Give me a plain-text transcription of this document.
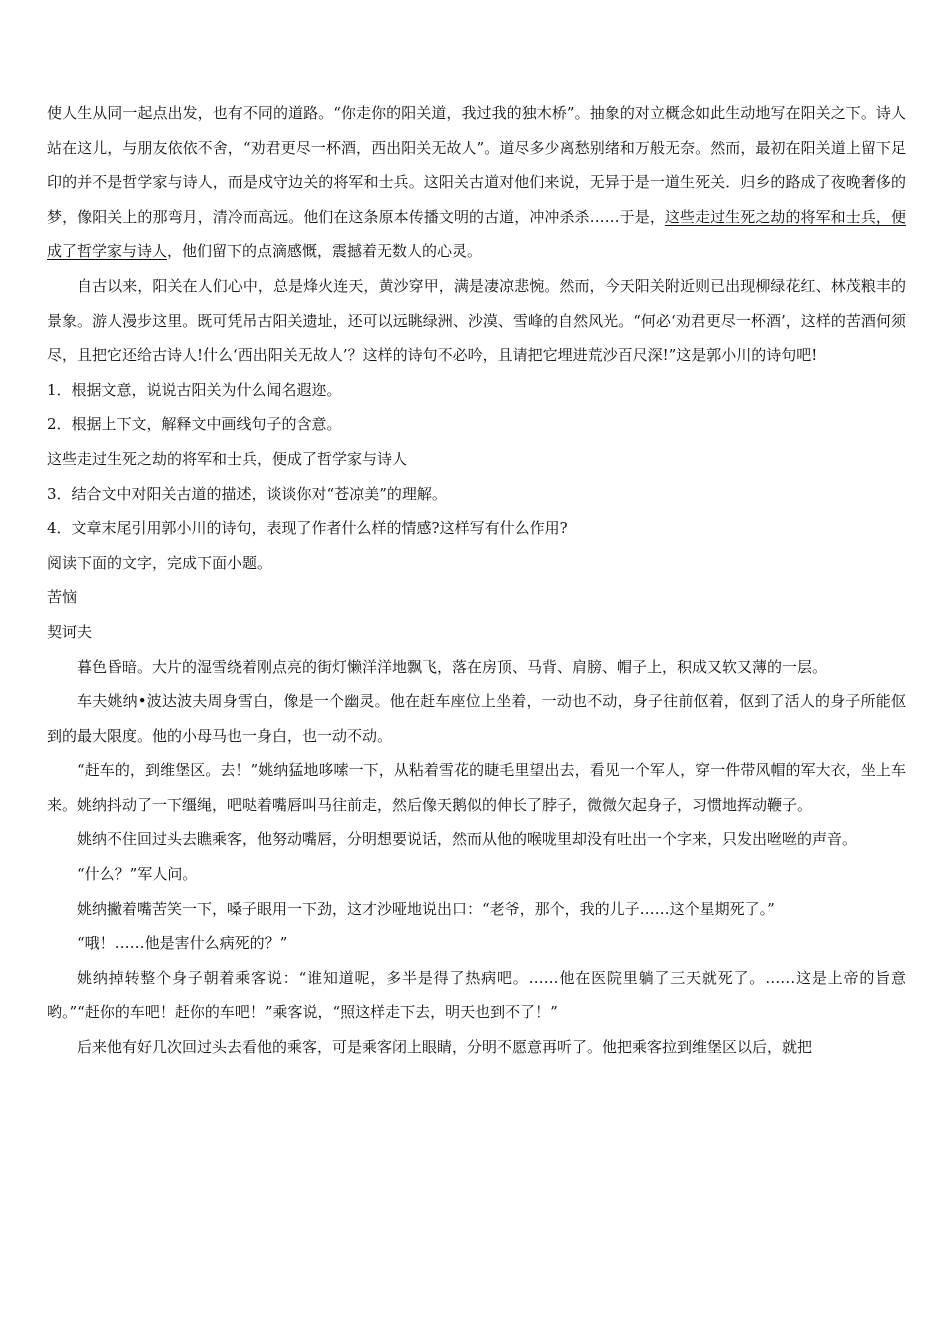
使人生从同一起点出发，也有不同的道路。“你走你的阳关道，我过我的独木桥”。抽象的对立概念如此生动地写在阳关之下。诗人站在这儿，与朋友依依不舍，“劝君更尽一杯酒，西出阳关无故人”。道尽多少离愁别绪和万般无奈。然而，最初在阳关道上留下足印的并不是哲学家与诗人，而是戍守边关的将军和士兵。这阳关古道对他们来说，无异于是一道生死关．归乡的路成了夜晚奢侈的梦，像阳关上的那弯月，清冷而高远。他们在这条原本传播文明的古道，冲冲杀杀……于是，这些走过生死之劫的将军和士兵，便成了哲学家与诗人，他们留下的点滴感慨，震撼着无数人的心灵。

自古以来，阳关在人们心中，总是烽火连天，黄沙穿甲，满是凄凉悲惋。然而，今天阳关附近则已出现柳绿花红、林茂粮丰的景象。游人漫步这里。既可凭吊古阳关遗址，还可以远眺绿洲、沙漠、雪峰的自然风光。“何必‘劝君更尽一杯酒’，这样的苦酒何须尽，且把它还给古诗人!什么‘西出阳关无故人’？这样的诗句不必吟，且请把它埋进荒沙百尺深!”这是郭小川的诗句吧!

1．根据文意，说说古阳关为什么闻名遐迩。

2．根据上下文，解释文中画线句子的含意。

这些走过生死之劫的将军和士兵，便成了哲学家与诗人

3．结合文中对阳关古道的描述，谈谈你对“苍凉美”的理解。

4．文章末尾引用郭小川的诗句，表现了作者什么样的情感?这样写有什么作用?

阅读下面的文字，完成下面小题。

苦恼

契诃夫

暮色昏暗。大片的湿雪绕着刚点亮的街灯懒洋洋地飘飞，落在房顶、马背、肩膀、帽子上，积成又软又薄的一层。

车夫姚纳•波达波夫周身雪白，像是一个幽灵。他在赶车座位上坐着，一动也不动，身子往前伛着，伛到了活人的身子所能伛到的最大限度。他的小母马也一身白，也一动不动。

“赶车的，到维堡区。去！”姚纳猛地哆嗦一下，从粘着雪花的睫毛里望出去，看见一个军人，穿一件带风帽的军大衣，坐上车来。姚纳抖动了一下缰绳，吧哒着嘴唇叫马往前走，然后像天鹅似的伸长了脖子，微微欠起身子，习惯地挥动鞭子。

姚纳不住回过头去瞧乘客，他努动嘴唇，分明想要说话，然而从他的喉咙里却没有吐出一个字来，只发出咝咝的声音。

“什么？”军人问。

姚纳撇着嘴苦笑一下，嗓子眼用一下劲，这才沙哑地说出口：“老爷，那个，我的儿子……这个星期死了。”

“哦！……他是害什么病死的？”

姚纳掉转整个身子朝着乘客说：“谁知道呢，多半是得了热病吧。……他在医院里躺了三天就死了。……这是上帝的旨意哟。”“赶你的车吧！赶你的车吧！”乘客说，“照这样走下去，明天也到不了！”

后来他有好几次回过头去看他的乘客，可是乘客闭上眼睛，分明不愿意再听了。他把乘客拉到维堡区以后，就把
